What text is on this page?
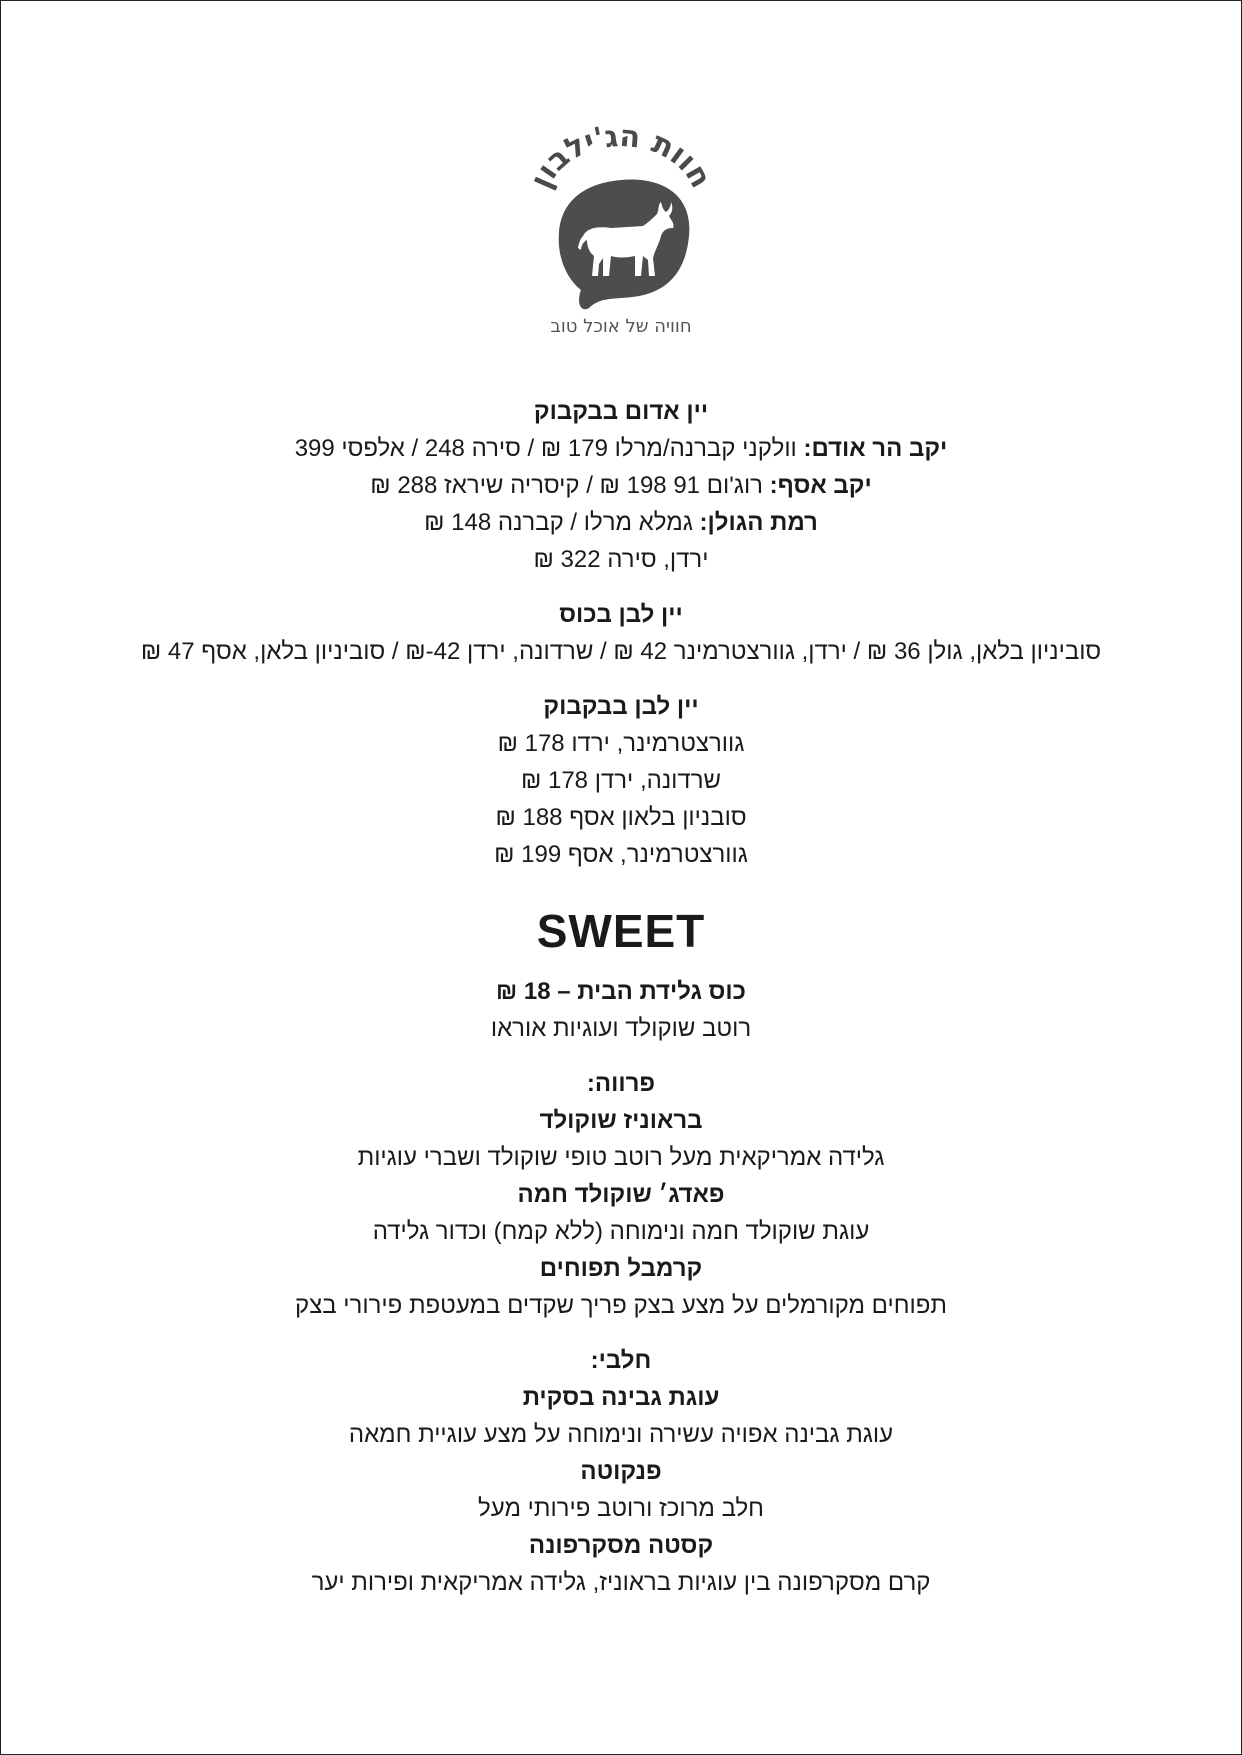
חוות הג'ילבון
חוויה של אוכל טוב
יין אדום בבקבוק
יקב הר אודם: וולקני קברנה/מרלו 179 ₪ / סירה 248 / אלפסי 399
יקב אסף: רוג'ום 91 198 ₪ / קיסריה שיראז 288 ₪
רמת הגולן: גמלא מרלו / קברנה 148 ₪
ירדן, סירה 322 ₪
יין לבן בכוס
סוביניון בלאן, גולן 36 ₪ / ירדן, גוורצטרמינר 42 ₪ / שרדונה, ירדן 42-₪ / סוביניון בלאן, אסף 47 ₪
יין לבן בבקבוק
גוורצטרמינר, ירדו 178 ₪
שרדונה, ירדן 178 ₪
סובניון בלאון אסף 188 ₪
גוורצטרמינר, אסף 199 ₪
SWEET
כוס גלידת הבית – 18 ₪
רוטב שוקולד ועוגיות אוראו
פרווה:
בראוניז שוקולד
גלידה אמריקאית מעל רוטב טופי שוקולד ושברי עוגיות
פאדג׳ שוקולד חמה
עוגת שוקולד חמה ונימוחה (ללא קמח) וכדור גלידה
קרמבל תפוחים
תפוחים מקורמלים על מצע בצק פריך שקדים במעטפת פירורי בצק
חלבי:
עוגת גבינה בסקית
עוגת גבינה אפויה עשירה ונימוחה על מצע עוגיית חמאה
פנקוטה
חלב מרוכז ורוטב פירותי מעל
קסטה מסקרפונה
קרם מסקרפונה בין עוגיות בראוניז, גלידה אמריקאית ופירות יער
